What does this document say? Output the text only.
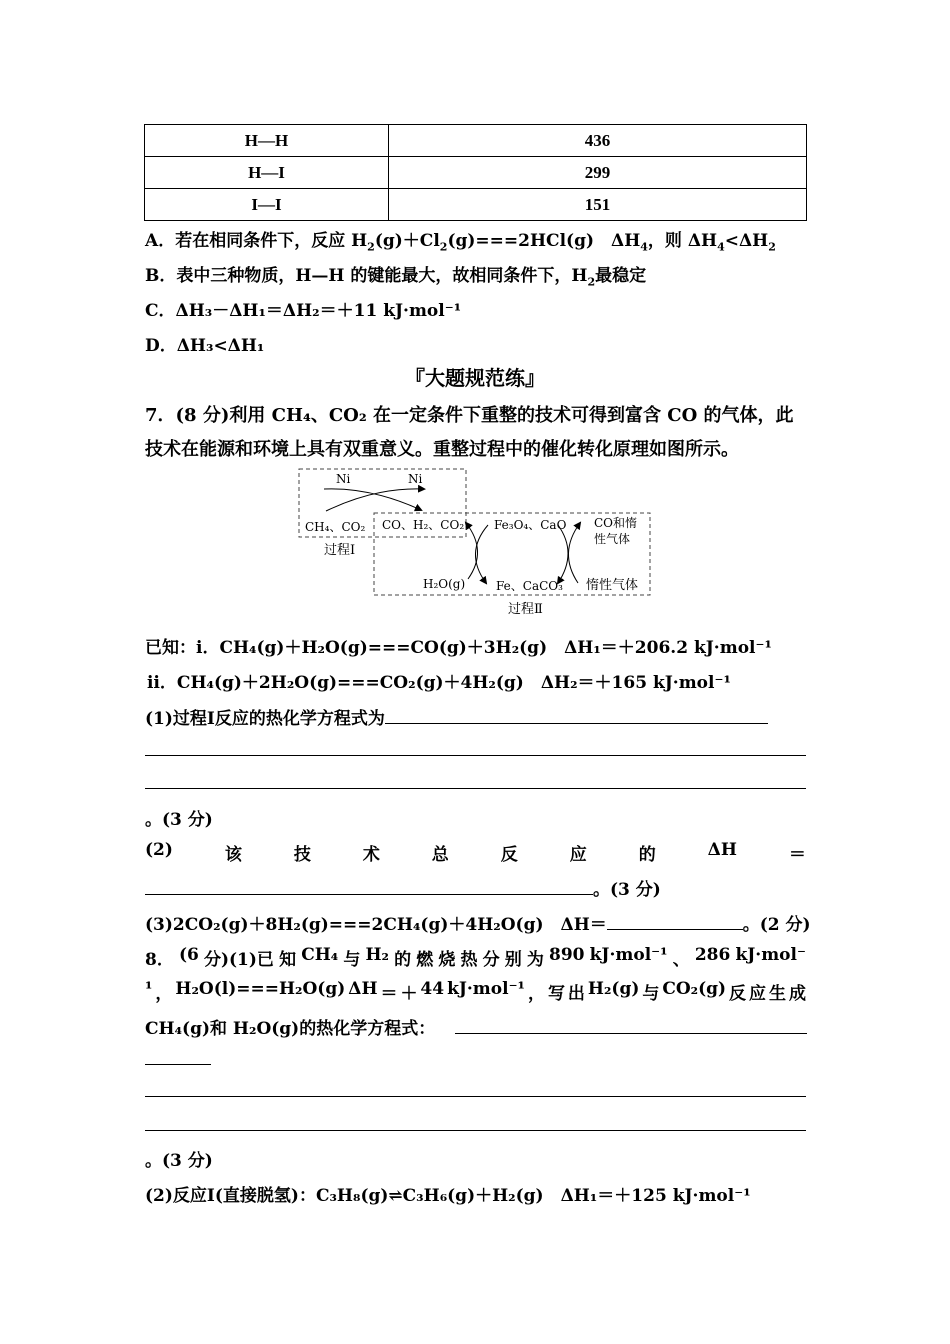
H—H	436
H—I	299
I—I	151
A．若在相同条件下，反应 $H_2(g)+Cl_2(g)===2HCl(g)$　$\Delta H_4$，则 $\Delta H_4<\Delta H_2$
B．表中三种物质，H—H 的键能最大，故相同条件下，$H_2$最稳定
C．ΔH₃－ΔH₁＝ΔH₂＝＋11 kJ·mol⁻¹
D．ΔH₃<ΔH₁
『大题规范练』
7．(8 分)利用 CH₄、CO₂ 在一定条件下重整的技术可得到富含 CO 的气体，此
技术在能源和环境上具有双重意义。重整过程中的催化转化原理如图所示。
Ni	Ni
CH₄、CO₂
过程Ⅰ
CO、H₂、CO₂ Fe₃O₄、CaO CO和惰
性气体
H₂O(g)	Fe、CaCO₃ 惰性气体
过程Ⅱ
已知：ⅰ．CH₄(g)＋H₂O(g)===CO(g)＋3H₂(g)　ΔH₁＝＋206.2 kJ·mol⁻¹
ⅱ．CH₄(g)＋2H₂O(g)===CO₂(g)＋4H₂(g)　ΔH₂＝＋165 kJ·mol⁻¹
(1)过程Ⅰ反应的热化学方程式为
。(3 分)
(2)	该	技	术	总	反	应	的	ΔH	＝
。(3 分)
(3)2CO₂(g)＋8H₂(g)===2CH₄(g)＋4H₂O(g)　ΔH＝	。(2 分)
8． (6 分)(1)已 知 CH₄ 与 H₂ 的 燃 烧 热 分 别 为 890 kJ·mol⁻¹ 、 286 kJ·mol⁻
¹ ， H₂O(l)===H₂O(g) ΔH ＝ ＋ 44 kJ·mol⁻¹ ， 写 出 H₂(g) 与 CO₂(g) 反 应 生 成
CH₄(g)和 H₂O(g)的热化学方程式：
。(3 分)
(2)反应Ⅰ(直接脱氢)：C₃H₈(g)⇌C₃H₆(g)＋H₂(g)　ΔH₁＝＋125 kJ·mol⁻¹
